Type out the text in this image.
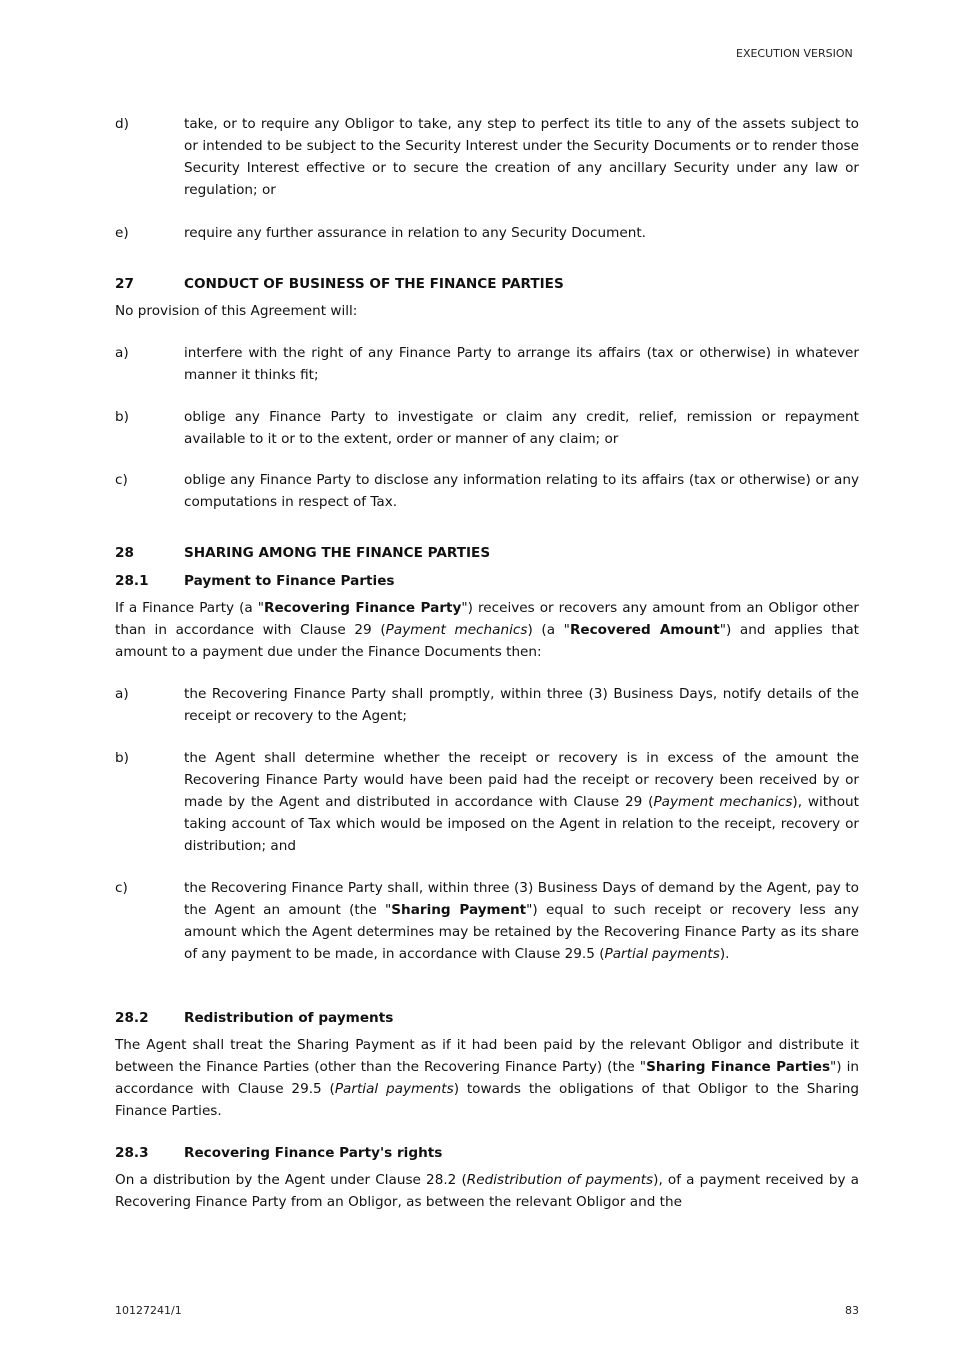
EXECUTION VERSION
d)	take, or to require any Obligor to take, any step to perfect its title to any of the assets subject to or intended to be subject to the Security Interest under the Security Documents or to render those Security Interest effective or to secure the creation of any ancillary Security under any law or regulation; or
e)	require any further assurance in relation to any Security Document.
27	CONDUCT OF BUSINESS OF THE FINANCE PARTIES
No provision of this Agreement will:
a)	interfere with the right of any Finance Party to arrange its affairs (tax or otherwise) in whatever manner it thinks fit;
b)	oblige any Finance Party to investigate or claim any credit, relief, remission or repayment available to it or to the extent, order or manner of any claim; or
c)	oblige any Finance Party to disclose any information relating to its affairs (tax or otherwise) or any computations in respect of Tax.
28	SHARING AMONG THE FINANCE PARTIES
28.1	Payment to Finance Parties
If a Finance Party (a "Recovering Finance Party") receives or recovers any amount from an Obligor other than in accordance with Clause 29 (Payment mechanics) (a "Recovered Amount") and applies that amount to a payment due under the Finance Documents then:
a)	the Recovering Finance Party shall promptly, within three (3) Business Days, notify details of the receipt or recovery to the Agent;
b)	the Agent shall determine whether the receipt or recovery is in excess of the amount the Recovering Finance Party would have been paid had the receipt or recovery been received by or made by the Agent and distributed in accordance with Clause 29 (Payment mechanics), without taking account of Tax which would be imposed on the Agent in relation to the receipt, recovery or distribution; and
c)	the Recovering Finance Party shall, within three (3) Business Days of demand by the Agent, pay to the Agent an amount (the "Sharing Payment") equal to such receipt or recovery less any amount which the Agent determines may be retained by the Recovering Finance Party as its share of any payment to be made, in accordance with Clause 29.5 (Partial payments).
28.2	Redistribution of payments
The Agent shall treat the Sharing Payment as if it had been paid by the relevant Obligor and distribute it between the Finance Parties (other than the Recovering Finance Party) (the "Sharing Finance Parties") in accordance with Clause 29.5 (Partial payments) towards the obligations of that Obligor to the Sharing Finance Parties.
28.3	Recovering Finance Party's rights
On a distribution by the Agent under Clause 28.2 (Redistribution of payments), of a payment received by a Recovering Finance Party from an Obligor, as between the relevant Obligor and the
10127241/1	83
